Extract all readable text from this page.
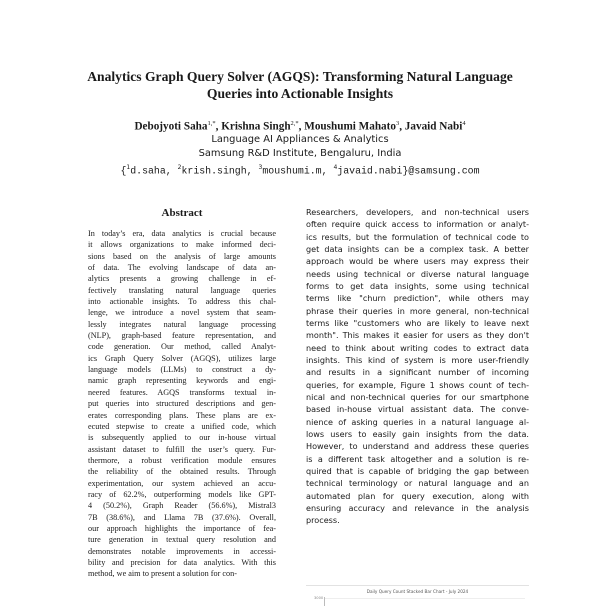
Analytics Graph Query Solver (AGQS): Transforming Natural Language
Queries into Actionable Insights
Debojyoti Saha$^{1,*}$, Krishna Singh$^{2,*}$, Moushumi Mahato$^3$, Javaid Nabi$^4$
Language AI Appliances & Analytics
Samsung R&D Institute, Bengaluru, India
{$^1$d.saha, $^2$krish.singh, $^3$moushumi.m, $^4$javaid.nabi}@samsung.com
Abstract
In today’s era, data analytics is crucial because
it allows organizations to make informed deci-
sions based on the analysis of large amounts
of data. The evolving landscape of data an-
alytics presents a growing challenge in ef-
fectively translating natural language queries
into actionable insights. To address this chal-
lenge, we introduce a novel system that seam-
lessly integrates natural language processing
(NLP), graph-based feature representation, and
code generation. Our method, called Analyt-
ics Graph Query Solver (AGQS), utilizes large
language models (LLMs) to construct a dy-
namic graph representing keywords and engi-
neered features. AGQS transforms textual in-
put queries into structured descriptions and gen-
erates corresponding plans. These plans are ex-
ecuted stepwise to create a unified code, which
is subsequently applied to our in-house virtual
assistant dataset to fulfill the user’s query. Fur-
thermore, a robust verification module ensures
the reliability of the obtained results. Through
experimentation, our system achieved an accu-
racy of 62.2%, outperforming models like GPT-
4 (50.2%), Graph Reader (56.6%), Mistral3
7B (38.6%), and Llama 7B (37.6%). Overall,
our approach highlights the importance of fea-
ture generation in textual query resolution and
demonstrates notable improvements in accessi-
bility and precision for data analytics. With this
method, we aim to present a solution for con-
Researchers, developers, and non-technical users
often require quick access to information or analyt-
ics results, but the formulation of technical code to
get data insights can be a complex task. A better
approach would be where users may express their
needs using technical or diverse natural language
forms to get data insights, some using technical
terms like "churn prediction", while others may
phrase their queries in more general, non-technical
terms like "customers who are likely to leave next
month". This makes it easier for users as they don't
need to think about writing codes to extract data
insights. This kind of system is more user-friendly
and results in a significant number of incoming
queries, for example, Figure 1 shows count of tech-
nical and non-technical queries for our smartphone
based in-house virtual assistant data. The conve-
nience of asking queries in a natural language al-
lows users to easily gain insights from the data.
However, to understand and address these queries
is a different task altogether and a solution is re-
quired that is capable of bridging the gap between
technical terminology or natural language and an
automated plan for query execution, along with
ensuring accuracy and relevance in the analysis
process.
Daily Query Count Stacked Bar Chart - July 2024
3000
